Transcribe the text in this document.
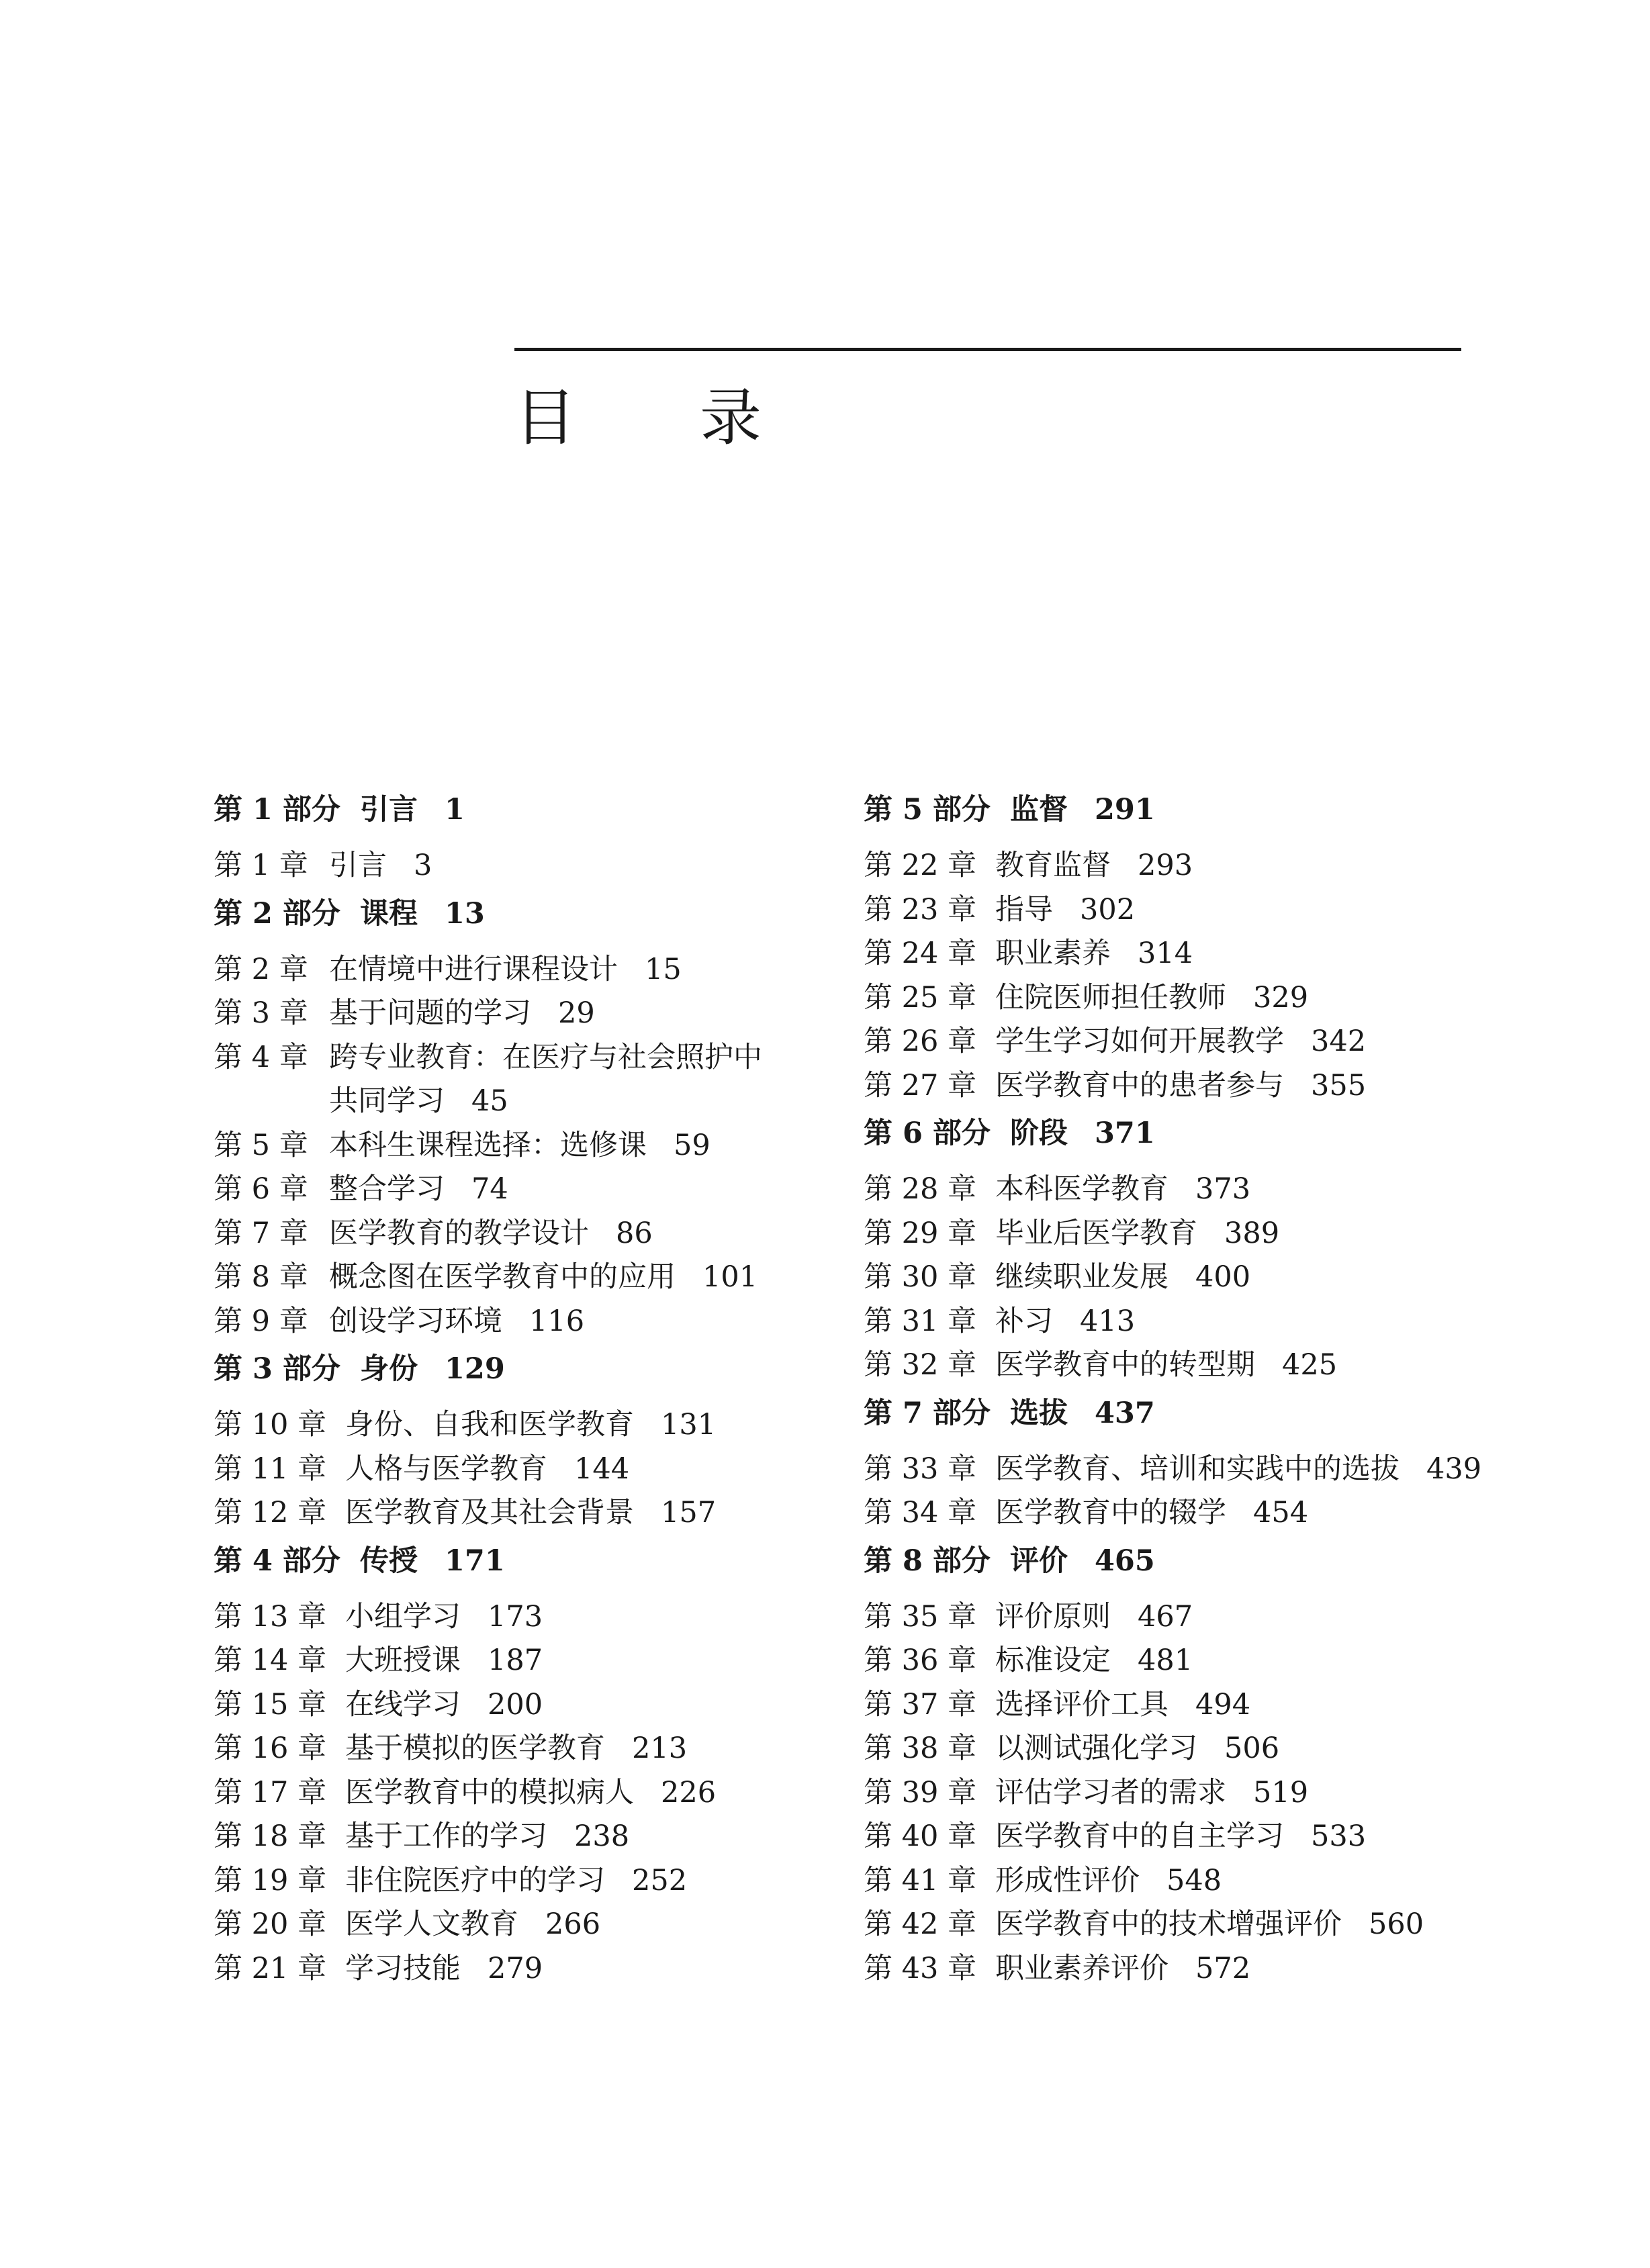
目　　录
第 1 部分 引言 1
第 1 章 引言 3
第 2 部分 课程 13
第 2 章 在情境中进行课程设计 15
第 3 章 基于问题的学习 29
第 4 章 跨专业教育：在医疗与社会照护中
共同学习 45
第 5 章 本科生课程选择：选修课 59
第 6 章 整合学习 74
第 7 章 医学教育的教学设计 86
第 8 章 概念图在医学教育中的应用 101
第 9 章 创设学习环境 116
第 3 部分 身份 129
第 10 章 身份、自我和医学教育 131
第 11 章 人格与医学教育 144
第 12 章 医学教育及其社会背景 157
第 4 部分 传授 171
第 13 章 小组学习 173
第 14 章 大班授课 187
第 15 章 在线学习 200
第 16 章 基于模拟的医学教育 213
第 17 章 医学教育中的模拟病人 226
第 18 章 基于工作的学习 238
第 19 章 非住院医疗中的学习 252
第 20 章 医学人文教育 266
第 21 章 学习技能 279
第 5 部分 监督 291
第 22 章 教育监督 293
第 23 章 指导 302
第 24 章 职业素养 314
第 25 章 住院医师担任教师 329
第 26 章 学生学习如何开展教学 342
第 27 章 医学教育中的患者参与 355
第 6 部分 阶段 371
第 28 章 本科医学教育 373
第 29 章 毕业后医学教育 389
第 30 章 继续职业发展 400
第 31 章 补习 413
第 32 章 医学教育中的转型期 425
第 7 部分 选拔 437
第 33 章 医学教育、培训和实践中的选拔 439
第 34 章 医学教育中的辍学 454
第 8 部分 评价 465
第 35 章 评价原则 467
第 36 章 标准设定 481
第 37 章 选择评价工具 494
第 38 章 以测试强化学习 506
第 39 章 评估学习者的需求 519
第 40 章 医学教育中的自主学习 533
第 41 章 形成性评价 548
第 42 章 医学教育中的技术增强评价 560
第 43 章 职业素养评价 572
